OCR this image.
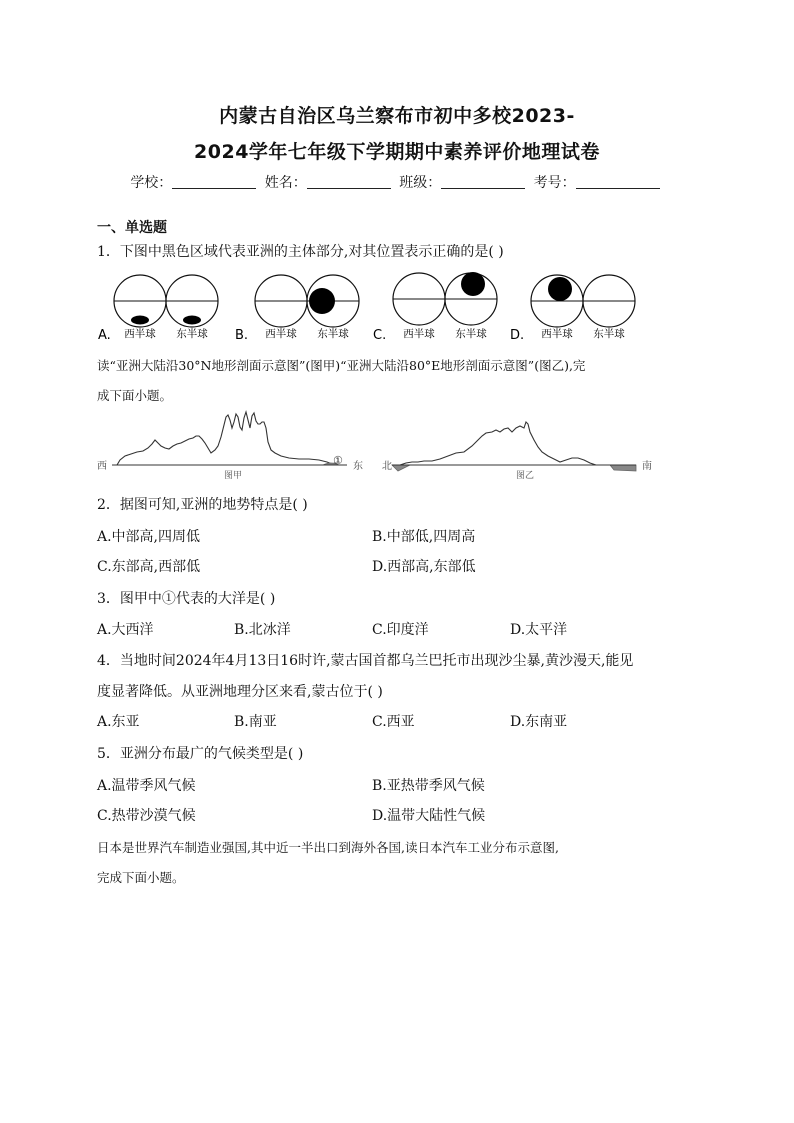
内蒙古自治区乌兰察布市初中多校2023-
2024学年七年级下学期期中素养评价地理试卷
学校：	姓名：	班级：	考号：
一、单选题
1．下图中黑色区域代表亚洲的主体部分,对其位置表示正确的是( )
A. 西半球 东半球 B. 西半球 东半球 C. 西半球 东半球 D. 西半球 东半球
读“亚洲大陆沿30°N地形剖面示意图”(图甲)“亚洲大陆沿80°E地形剖面示意图”(图乙),完
成下面小题。
西	① 东
图甲
北	南
图乙
2．据图可知,亚洲的地势特点是( )
A.中部高,四周低	B.中部低,四周高
C.东部高,西部低	D.西部高,东部低
3．图甲中①代表的大洋是( )
A.大西洋	B.北冰洋	C.印度洋	D.太平洋
4．当地时间2024年4月13日16时许,蒙古国首都乌兰巴托市出现沙尘暴,黄沙漫天,能见
度显著降低。从亚洲地理分区来看,蒙古位于( )
A.东亚	B.南亚	C.西亚	D.东南亚
5．亚洲分布最广的气候类型是( )
A.温带季风气候	B.亚热带季风气候
C.热带沙漠气候	D.温带大陆性气候
日本是世界汽车制造业强国,其中近一半出口到海外各国,读日本汽车工业分布示意图,
完成下面小题。
